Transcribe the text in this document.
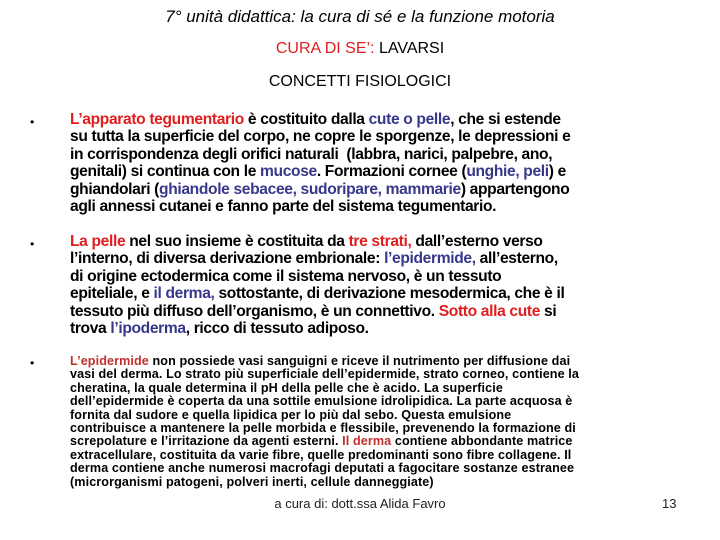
7° unità didattica: la cura di sé e la funzione motoria
CURA DI SE’: LAVARSI
CONCETTI FISIOLOGICI
• L’apparato tegumentario è costituito dalla cute o pelle, che si estende
su tutta la superficie del corpo, ne copre le sporgenze, le depressioni e
in corrispondenza degli orifici naturali  (labbra, narici, palpebre, ano,
genitali) si continua con le mucose. Formazioni cornee (unghie, peli) e
ghiandolari (ghiandole sebacee, sudoripare, mammarie) appartengono
agli annessi cutanei e fanno parte del sistema tegumentario.
• La pelle nel suo insieme è costituita da tre strati, dall’esterno verso
l’interno, di diversa derivazione embrionale: l’epidermide, all’esterno,
di origine ectodermica come il sistema nervoso, è un tessuto
epiteliale, e il derma, sottostante, di derivazione mesodermica, che è il
tessuto più diffuso dell’organismo, è un connettivo. Sotto alla cute si
trova l’ipoderma, ricco di tessuto adiposo.
•	L’epidermide non possiede vasi sanguigni e riceve il nutrimento per diffusione dai
vasi del derma. Lo strato più superficiale dell’epidermide, strato corneo, contiene la
cheratina, la quale determina il pH della pelle che è acido. La superficie
dell’epidermide è coperta da una sottile emulsione idrolipidica. La parte acquosa è
fornita dal sudore e quella lipidica per lo più dal sebo. Questa emulsione
contribuisce a mantenere la pelle morbida e flessibile, prevenendo la formazione di
screpolature e l’irritazione da agenti esterni. Il derma contiene abbondante matrice
extracellulare, costituita da varie fibre, quelle predominanti sono fibre collagene. Il
derma contiene anche numerosi macrofagi deputati a fagocitare sostanze estranee
(microrganismi patogeni, polveri inerti, cellule danneggiate)
a cura di: dott.ssa Alida Favro	13
